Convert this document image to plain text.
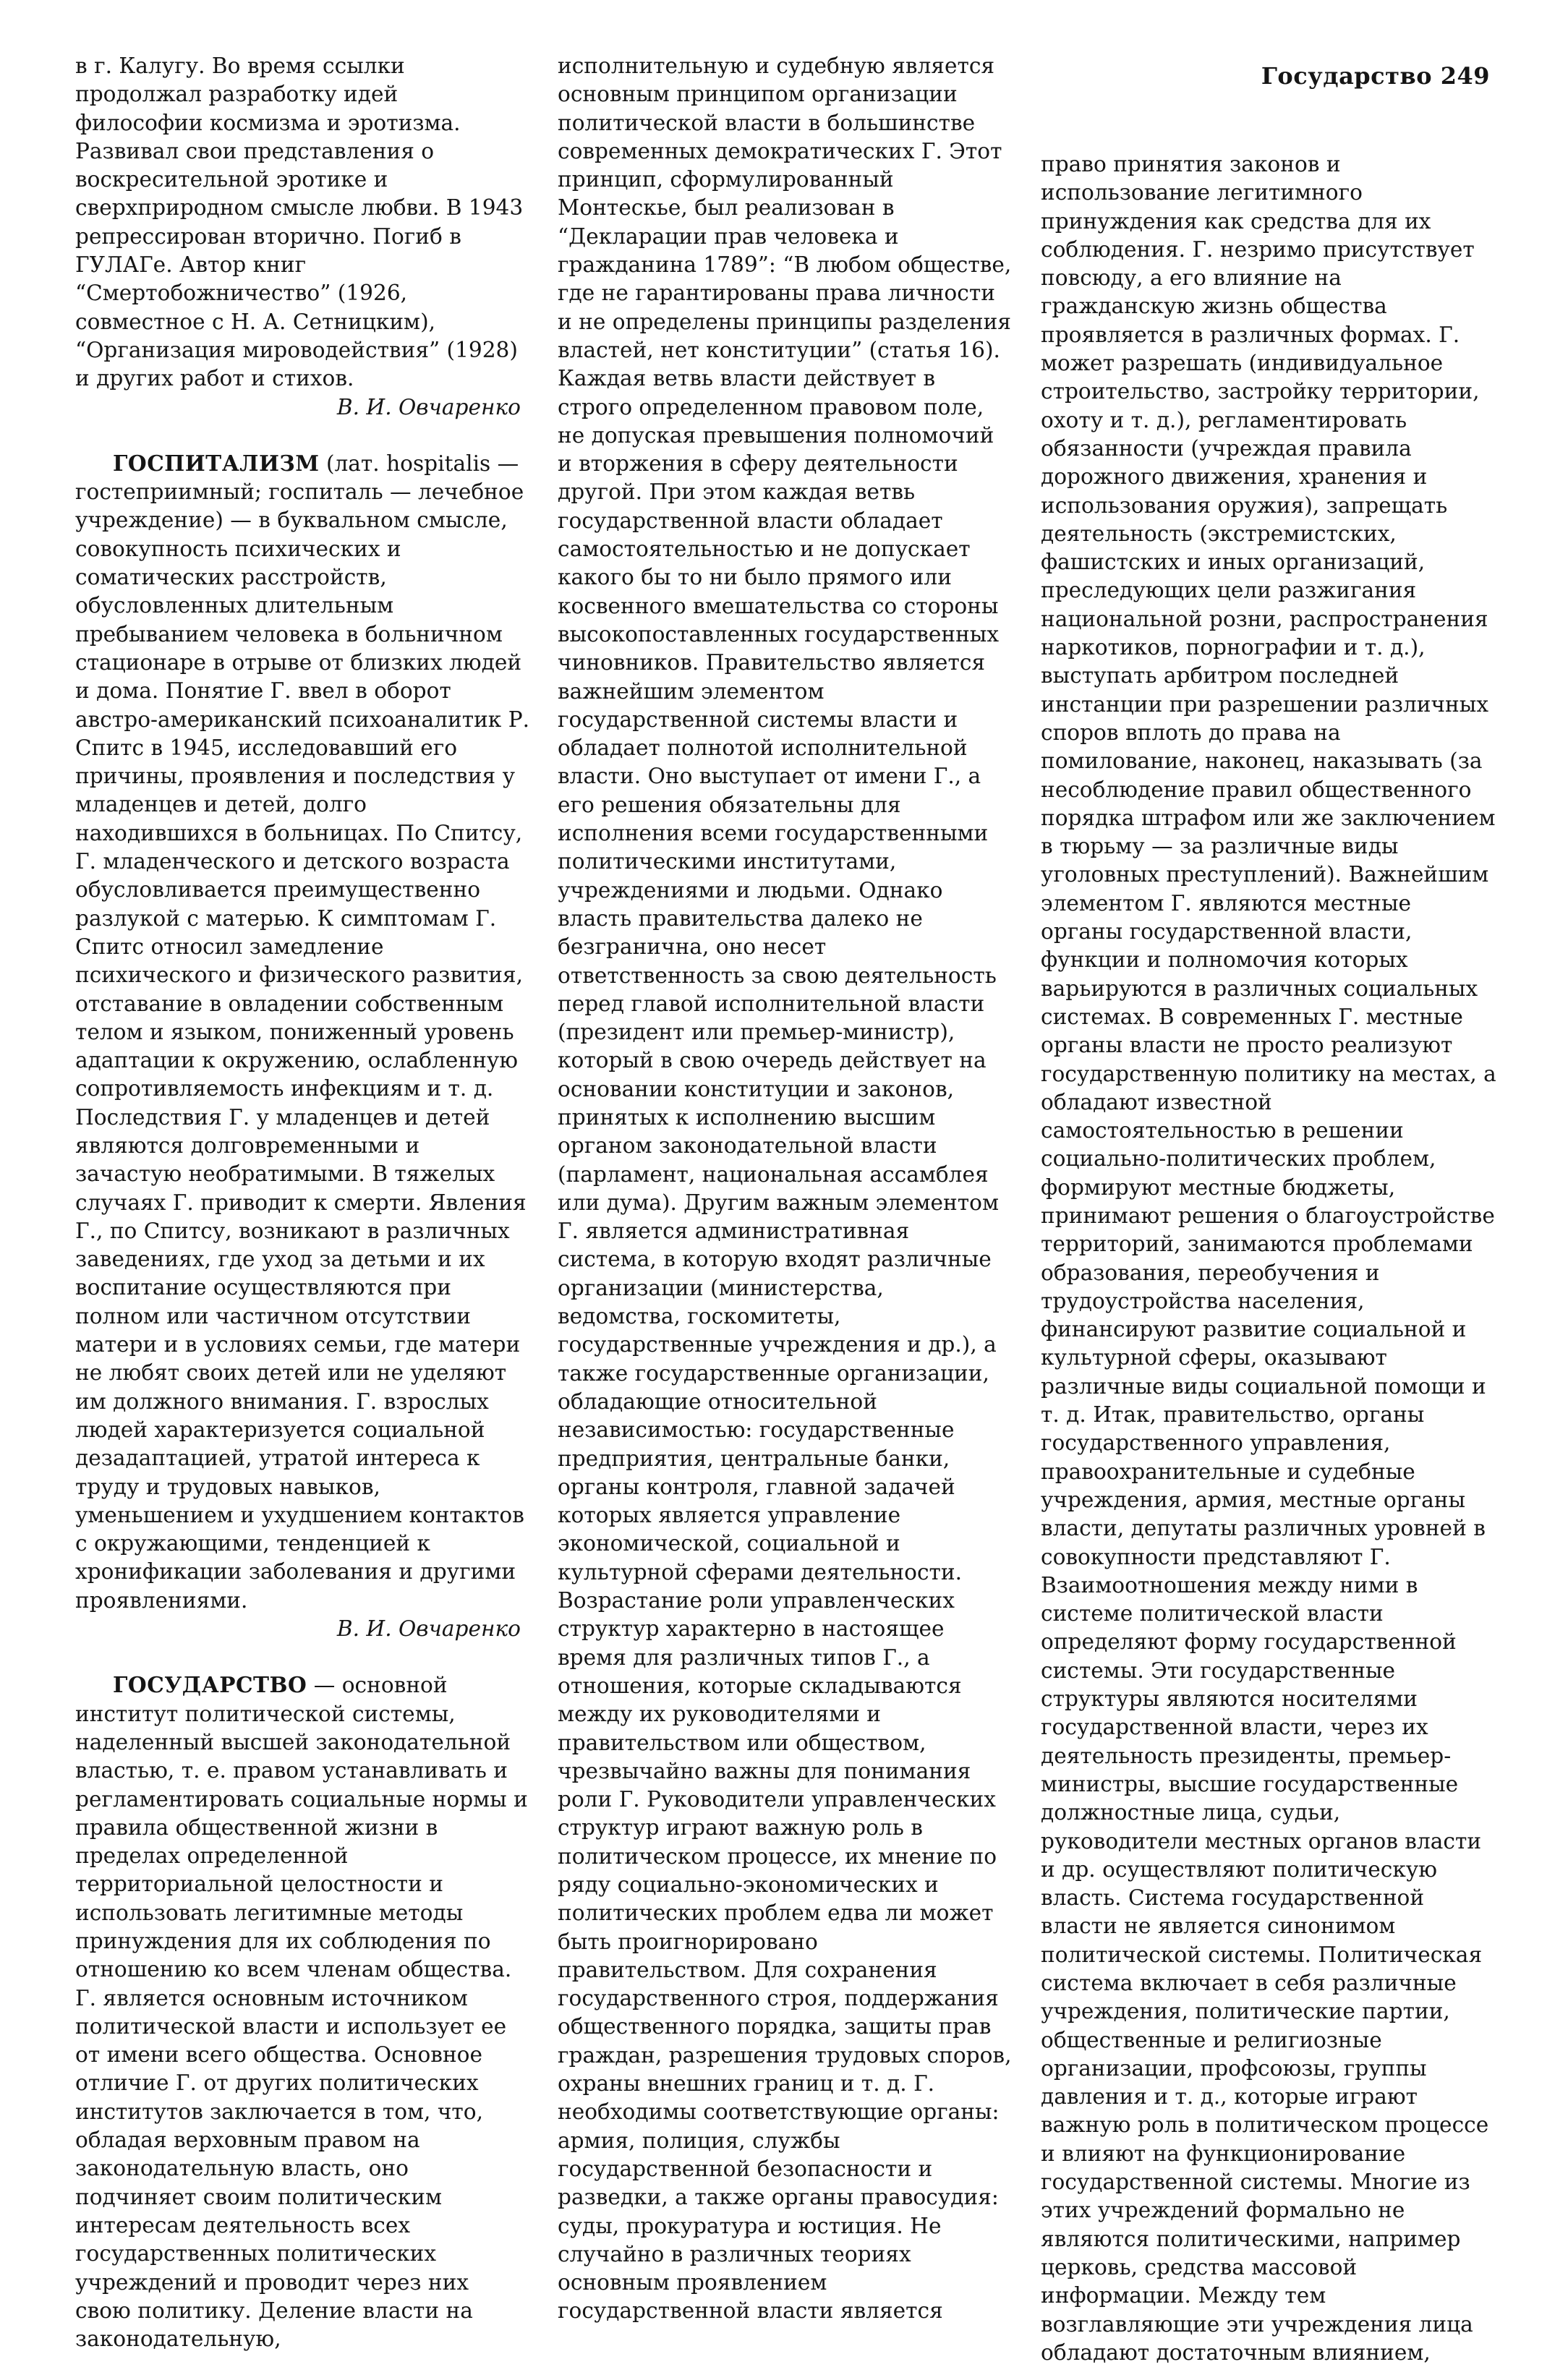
Государство 249

в г. Калугу. Во время ссылки продолжал разработку идей философии космизма и эротизма. Развивал свои представления о воскресительной эротике и сверхприродном смысле любви. В 1943 репрессирован вторично. Погиб в ГУЛАГе. Автор книг “Смертобожничество” (1926, совместное с Н. А. Сетницким), “Организация мироводействия” (1928) и других работ и стихов.

В. И. Овчаренко

ГОСПИТАЛИЗМ (лат. hospitalis — гостеприимный; госпиталь — лечебное учреждение) — в буквальном смысле, совокупность психических и соматических расстройств, обусловленных длительным пребыванием человека в больничном стационаре в отрыве от близких людей и дома. Понятие Г. ввел в оборот австро-американский психоаналитик Р. Спитс в 1945, исследовавший его причины, проявления и последствия у младенцев и детей, долго находившихся в больницах. По Спитсу, Г. младенческого и детского возраста обусловливается преимущественно разлукой с матерью. К симптомам Г. Спитс относил замедление психического и физического развития, отставание в овладении собственным телом и языком, пониженный уровень адаптации к окружению, ослабленную сопротивляемость инфекциям и т. д. Последствия Г. у младенцев и детей являются долговременными и зачастую необратимыми. В тяжелых случаях Г. приводит к смерти. Явления Г., по Спитсу, возникают в различных заведениях, где уход за детьми и их воспитание осуществляются при полном или частичном отсутствии матери и в условиях семьи, где матери не любят своих детей или не уделяют им должного внимания. Г. взрослых людей характеризуется социальной дезадаптацией, утратой интереса к труду и трудовых навыков, уменьшением и ухудшением контактов с окружающими, тенденцией к хронификации заболевания и другими проявлениями.

В. И. Овчаренко

ГОСУДАРСТВО — основной институт политической системы, наделенный высшей законодательной властью, т. е. правом устанавливать и регламентировать социальные нормы и правила общественной жизни в пределах определенной территориальной целостности и использовать легитимные методы принуждения для их соблюдения по отношению ко всем членам общества. Г. является основным источником политической власти и использует ее от имени всего общества. Основное отличие Г. от других политических институтов заключается в том, что, обладая верховным правом на законодательную власть, оно подчиняет своим политическим интересам деятельность всех государственных политических учреждений и проводит через них свою политику. Деление власти на законодательную,

исполнительную и судебную является основным принципом организации политической власти в большинстве современных демократических Г. Этот принцип, сформулированный Монтескье, был реализован в “Декларации прав человека и гражданина 1789”: “В любом обществе, где не гарантированы права личности и не определены принципы разделения властей, нет конституции” (статья 16). Каждая ветвь власти действует в строго определенном правовом поле, не допуская превышения полномочий и вторжения в сферу деятельности другой. При этом каждая ветвь государственной власти обладает самостоятельностью и не допускает какого бы то ни было прямого или косвенного вмешательства со стороны высокопоставленных государственных чиновников. Правительство является важнейшим элементом государственной системы власти и обладает полнотой исполнительной власти. Оно выступает от имени Г., а его решения обязательны для исполнения всеми государственными политическими институтами, учреждениями и людьми. Однако власть правительства далеко не безгранична, оно несет ответственность за свою деятельность перед главой исполнительной власти (президент или премьер-министр), который в свою очередь действует на основании конституции и законов, принятых к исполнению высшим органом законодательной власти (парламент, национальная ассамблея или дума). Другим важным элементом Г. является административная система, в которую входят различные организации (министерства, ведомства, госкомитеты, государственные учреждения и др.), а также государственные организации, обладающие относительной независимостью: государственные предприятия, центральные банки, органы контроля, главной задачей которых является управление экономической, социальной и культурной сферами деятельности. Возрастание роли управленческих структур характерно в настоящее время для различных типов Г., а отношения, которые складываются между их руководителями и правительством или обществом, чрезвычайно важны для понимания роли Г. Руководители управленческих структур играют важную роль в политическом процессе, их мнение по ряду социально-экономических и политических проблем едва ли может быть проигнорировано правительством. Для сохранения государственного строя, поддержания общественного порядка, защиты прав граждан, разрешения трудовых споров, охраны внешних границ и т. д. Г. необходимы соответствующие органы: армия, полиция, службы государственной безопасности и разведки, а также органы правосудия: суды, прокуратура и юстиция. Не случайно в различных теориях основным проявлением государственной власти является

право принятия законов и использование легитимного принуждения как средства для их соблюдения. Г. незримо присутствует повсюду, а его влияние на гражданскую жизнь общества проявляется в различных формах. Г. может разрешать (индивидуальное строительство, застройку территории, охоту и т. д.), регламентировать обязанности (учреждая правила дорожного движения, хранения и использования оружия), запрещать деятельность (экстремистских, фашистских и иных организаций, преследующих цели разжигания национальной розни, распространения наркотиков, порнографии и т. д.), выступать арбитром последней инстанции при разрешении различных споров вплоть до права на помилование, наконец, наказывать (за несоблюдение правил общественного порядка штрафом или же заключением в тюрьму — за различные виды уголовных преступлений). Важнейшим элементом Г. являются местные органы государственной власти, функции и полномочия которых варьируются в различных социальных системах. В современных Г. местные органы власти не просто реализуют государственную политику на местах, а обладают известной самостоятельностью в решении социально-политических проблем, формируют местные бюджеты, принимают решения о благоустройстве территорий, занимаются проблемами образования, переобучения и трудоустройства населения, финансируют развитие социальной и культурной сферы, оказывают различные виды социальной помощи и т. д. Итак, правительство, органы государственного управления, правоохранительные и судебные учреждения, армия, местные органы власти, депутаты различных уровней в совокупности представляют Г. Взаимоотношения между ними в системе политической власти определяют форму государственной системы. Эти государственные структуры являются носителями государственной власти, через их деятельность президенты, премьер-министры, высшие государственные должностные лица, судьи, руководители местных органов власти и др. осуществляют политическую власть. Система государственной власти не является синонимом политической системы. Политическая система включает в себя различные учреждения, политические партии, общественные и религиозные организации, профсоюзы, группы давления и т. д., которые играют важную роль в политическом процессе и влияют на функционирование государственной системы. Многие из этих учреждений формально не являются политическими, например церковь, средства массовой информации. Между тем возглавляющие эти учреждения лица обладают достаточным влиянием,
